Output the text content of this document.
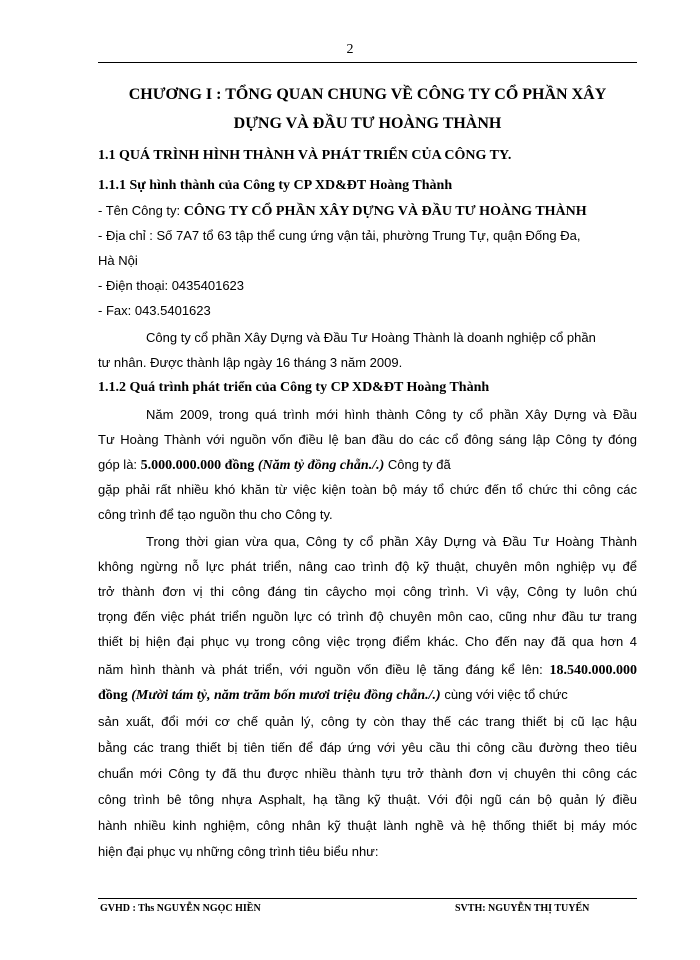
2
CHƯƠNG I : TỔNG QUAN CHUNG VỀ CÔNG TY CỔ PHẦN XÂY
DỰNG VÀ ĐẦU TƯ HOÀNG THÀNH
1.1 QUÁ TRÌNH HÌNH THÀNH VÀ PHÁT TRIỂN CỦA CÔNG TY.
1.1.1 Sự hình thành của Công ty CP XD&ĐT Hoàng Thành
- Tên Công ty: CÔNG TY CỔ PHẦN XÂY DỰNG VÀ ĐẦU TƯ HOÀNG THÀNH
- Địa chỉ : Số 7A7 tổ 63 tập thể cung ứng vận tải, phường Trung Tự, quận Đống Đa,
Hà Nội
- Điện thoại: 0435401623
- Fax: 043.5401623
Công ty cổ phần Xây Dựng và Đầu Tư Hoàng Thành là doanh nghiệp cổ phần
tư nhân. Được thành lập ngày 16 tháng 3 năm 2009.
1.1.2 Quá trình phát triển của Công ty CP XD&ĐT Hoàng Thành
Năm 2009, trong quá trình mới hình thành Công ty cổ phần Xây Dựng và Đầu
Tư Hoàng Thành với nguồn vốn điều lệ ban đầu do các cổ đông sáng lập Công ty đóng
góp là: 5.000.000.000 đồng (Năm tỷ đồng chẵn./.) Công ty đã
gặp phải rất nhiều khó khăn từ việc kiện toàn bộ máy tổ chức đến tổ chức thi công các
công trình để tạo nguồn thu cho Công ty.
Trong thời gian vừa qua, Công ty cổ phần Xây Dựng và Đầu Tư Hoàng Thành
không ngừng nỗ lực phát triển, nâng cao trình độ kỹ thuật, chuyên môn nghiệp vụ để
trở thành đơn vị thi công đáng tin câycho mọi công trình. Vì vậy, Công ty luôn chú
trọng đến việc phát triển nguồn lực có trình độ chuyên môn cao, cũng như đầu tư trang
thiết bị hiện đại phục vụ trong công việc trọng điểm khác. Cho đến nay đã qua hơn 4
năm hình thành và phát triển, với nguồn vốn điều lệ tăng đáng kể lên: 18.540.000.000
đồng (Mười tám tỷ, năm trăm bốn mươi triệu đồng chẵn./.) cùng với việc tổ chức
sản xuất, đổi mới cơ chế quản lý, công ty còn thay thế các trang thiết bị cũ lạc hậu
bằng các trang thiết bị tiên tiến để đáp ứng với yêu cầu thi công cầu đường theo tiêu
chuẩn mới Công ty đã thu được nhiều thành tựu trở thành đơn vị chuyên thi công các
công trình bê tông nhựa Asphalt, hạ tầng kỹ thuật. Với đội ngũ cán bộ quản lý điều
hành nhiều kinh nghiệm, công nhân kỹ thuật lành nghề và hệ thống thiết bị máy móc
hiện đại phục vụ những công trình tiêu biểu như:
GVHD : Ths NGUYỄN NGỌC HIỀN	SVTH: NGUYỄN THỊ TUYẾN
